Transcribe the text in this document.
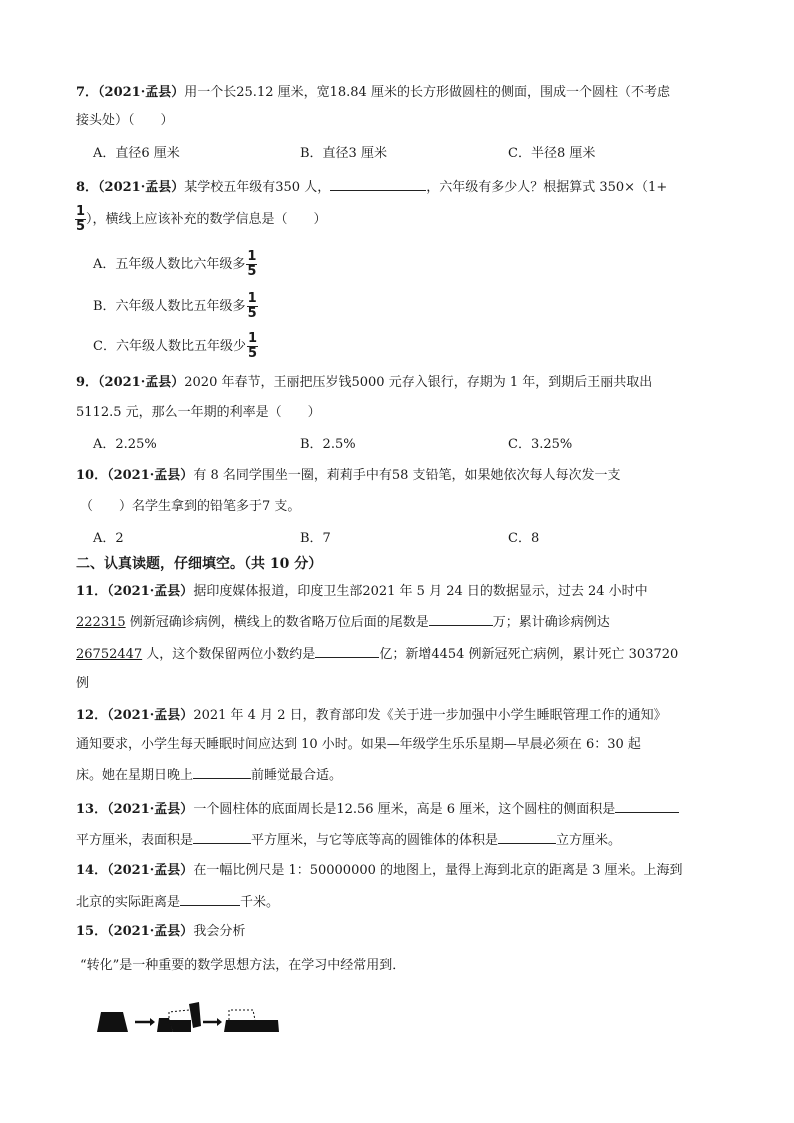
7．（2021·孟县）用一个长25.12 厘米，宽18.84 厘米的长方形做圆柱的侧面，围成一个圆柱（不考虑
接头处）（　　）
A．直径6 厘米	B．直径3 厘米	C．半径8 厘米
8．（2021·孟县）某学校五年级有350 人，	，六年级有多少人？根据算式 350×（1+
$\frac{1}{5}$ ），横线上应该补充的数学信息是（　　）
A．五年级人数比六年级多 $\frac{1}{5}$
B．六年级人数比五年级多 $\frac{1}{5}$
C．六年级人数比五年级少 $\frac{1}{5}$
9．（2021·孟县）2020 年春节，王丽把压岁钱5000 元存入银行，存期为 1 年，到期后王丽共取出
5112.5 元，那么一年期的利率是（　　）
A．2.25%	B．2.5%	C．3.25%
10．（2021·孟县）有 8 名同学围坐一圈，莉莉手中有58 支铅笔，如果她依次每人每次发一支
（　　）名学生拿到的铅笔多于7 支。
A．2	B．7	C．8
二、认真读题，仔细填空。（共 10 分）
11．（2021·孟县）据印度媒体报道，印度卫生部2021 年 5 月 24 日的数据显示，过去 24 小时中
222315 例新冠确诊病例，横线上的数省略万位后面的尾数是	万；累计确诊病例达
26752447 人，这个数保留两位小数约是	亿；新增4454 例新冠死亡病例，累计死亡 303720
例
12．（2021·孟县）2021 年 4 月 2 日，教育部印发《关于进一步加强中小学生睡眠管理工作的通知》
通知要求，小学生每天睡眠时间应达到 10 小时。如果—年级学生乐乐星期—早晨必须在 6：30 起
床。她在星期日晚上	前睡觉最合适。
13．（2021·孟县）一个圆柱体的底面周长是12.56 厘米，高是 6 厘米，这个圆柱的侧面积是
平方厘米，表面积是	平方厘米，与它等底等高的圆锥体的体积是	立方厘米。
14．（2021·孟县）在一幅比例尺是 1：50000000 的地图上，量得上海到北京的距离是 3 厘米。上海到
北京的实际距离是	千米。
15．（2021·孟县）我会分析
“转化”是一种重要的数学思想方法，在学习中经常用到．
